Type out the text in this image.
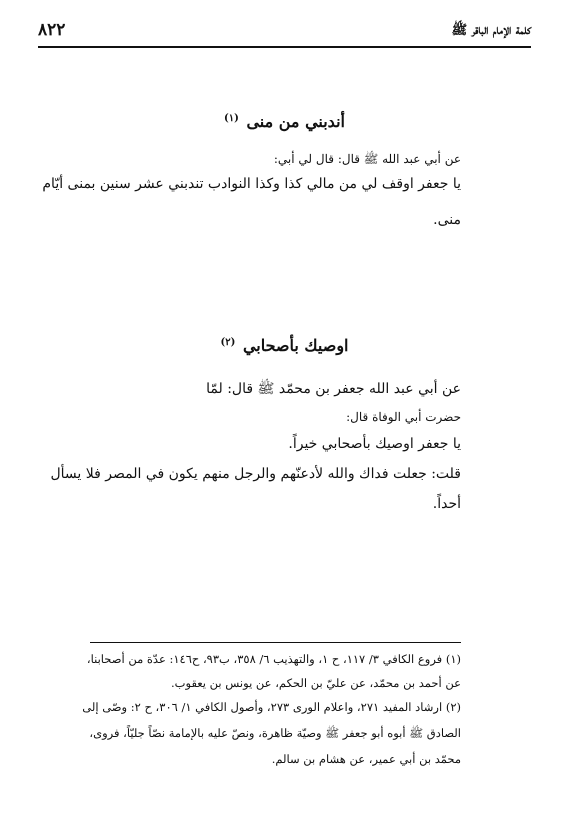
٨٢٢	كلمة الإمام الباقر ﷺ
أندبني من منى $^{(١)}$
عن أبي عبد الله ﷺ قال: قال لي أبي:
يا جعفر اوقف لي من مالي كذا وكذا النوادب تندبني عشر سنين بمنى أيّام
منى.
اوصيك بأصحابي $^{(٢)}$
عن أبي عبد الله جعفر بن محمّد ﷺ قال: لمّا
حضرت أبي الوفاة قال:
يا جعفر اوصيك بأصحابي خيراً.
قلت: جعلت فداك والله لأدعنّهم والرجل منهم يكون في المصر فلا يسأل
أحداً.
(١) فروع الكافي ٣/ ١١٧، ح ١، والتهذيب ٦/ ٣٥٨، ب٩٣، ح١٤٦: عدّة من أصحابنا،
عن أحمد بن محمّد، عن عليّ بن الحكم، عن يونس بن يعقوب.
(٢) ارشاد المفيد ٢٧١، واعلام الورى ٢٧٣، وأصول الكافي ١/ ٣٠٦، ح ٢: وصّى إلى
الصادق ﷺ أبوه أبو جعفر ﷺ وصيّة ظاهرة، ونصّ عليه بالإمامة نصّاً جليّاً، فروى،
محمّد بن أبي عمير، عن هشام بن سالم.
